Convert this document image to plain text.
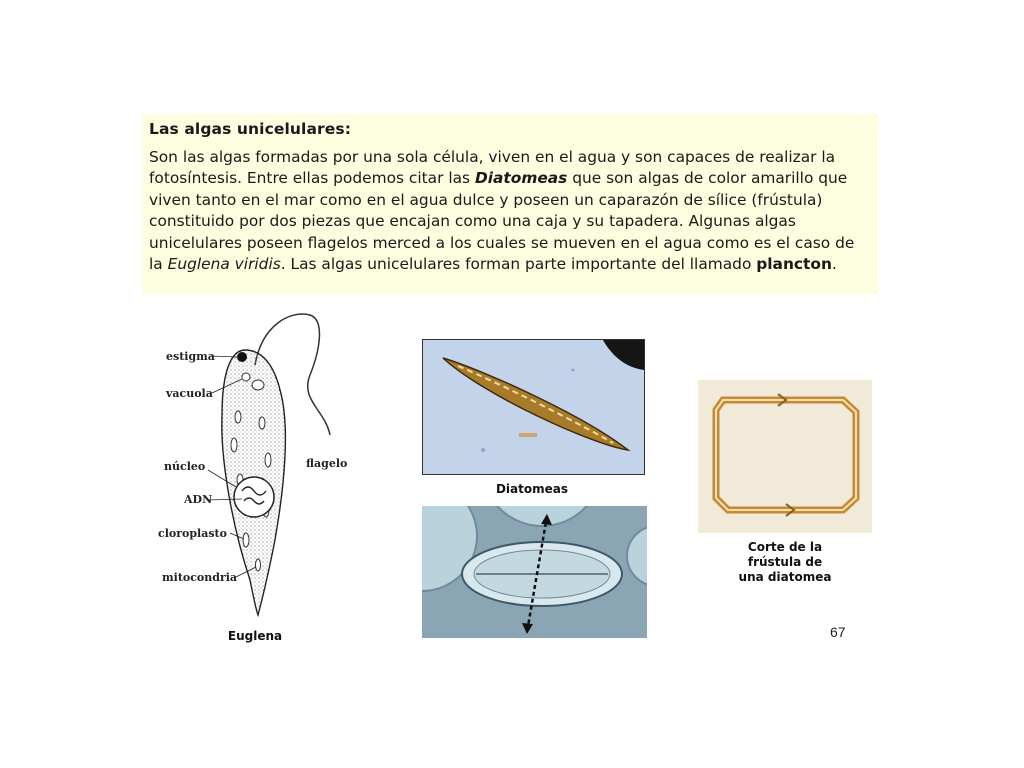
Las algas unicelulares:

Son las algas formadas por una sola célula, viven en el agua y son capaces de realizar la fotosíntesis. Entre ellas podemos citar las Diatomeas que son algas de color amarillo que viven tanto en el mar como en el agua dulce y poseen un caparazón de sílice (frústula) constituido por dos piezas que encajan como una caja y su tapadera. Algunas algas unicelulares poseen flagelos merced a los cuales se mueven en el agua como es el caso de la Euglena viridis. Las algas unicelulares forman parte importante del llamado plancton.

estigma
vacuola
núcleo
ADN
cloroplasto
mitocondria
flagelo
Euglena
Diatomeas
Corte de la
frústula de
una diatomea
67
